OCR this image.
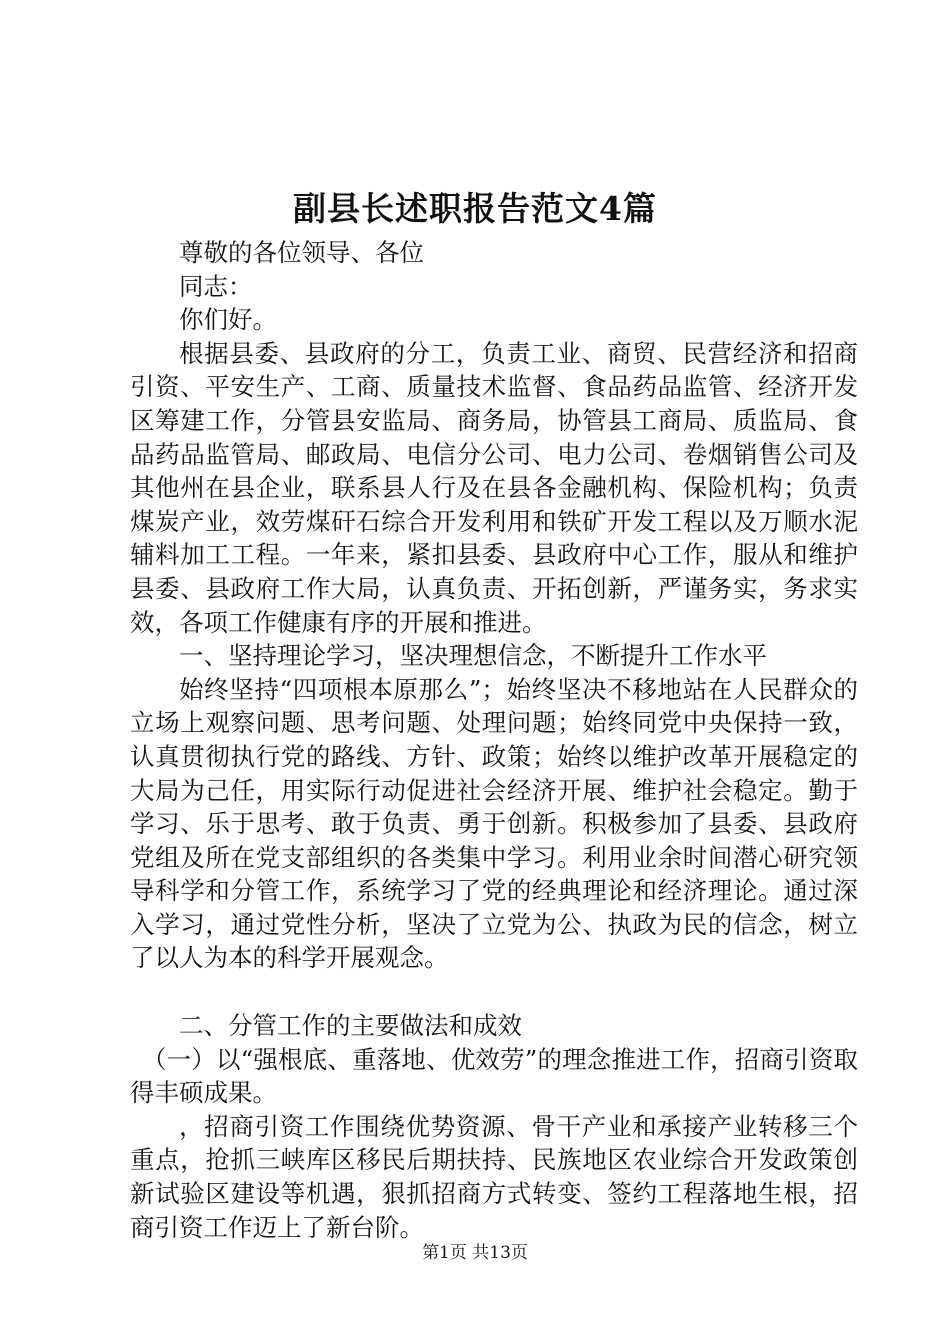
副县长述职报告范文4篇

尊敬的各位领导、各位

同志：

你们好。

根据县委、县政府的分工，负责工业、商贸、民营经济和招商引资、平安生产、工商、质量技术监督、食品药品监管、经济开发区筹建工作，分管县安监局、商务局，协管县工商局、质监局、食品药品监管局、邮政局、电信分公司、电力公司、卷烟销售公司及其他州在县企业，联系县人行及在县各金融机构、保险机构；负责煤炭产业，效劳煤矸石综合开发利用和铁矿开发工程以及万顺水泥辅料加工工程。一年来，紧扣县委、县政府中心工作，服从和维护县委、县政府工作大局，认真负责、开拓创新，严谨务实，务求实效，各项工作健康有序的开展和推进。

一、坚持理论学习，坚决理想信念，不断提升工作水平

始终坚持“四项根本原那么”；始终坚决不移地站在人民群众的立场上观察问题、思考问题、处理问题；始终同党中央保持一致，认真贯彻执行党的路线、方针、政策；始终以维护改革开展稳定的大局为己任，用实际行动促进社会经济开展、维护社会稳定。勤于学习、乐于思考、敢于负责、勇于创新。积极参加了县委、县政府党组及所在党支部组织的各类集中学习。利用业余时间潜心研究领导科学和分管工作，系统学习了党的经典理论和经济理论。通过深入学习，通过党性分析，坚决了立党为公、执政为民的信念，树立了以人为本的科学开展观念。

二、分管工作的主要做法和成效

（一）以“强根底、重落地、优效劳”的理念推进工作，招商引资取得丰硕成果。

，招商引资工作围绕优势资源、骨干产业和承接产业转移三个重点，抢抓三峡库区移民后期扶持、民族地区农业综合开发政策创新试验区建设等机遇，狠抓招商方式转变、签约工程落地生根，招商引资工作迈上了新台阶。

第1页 共13页
